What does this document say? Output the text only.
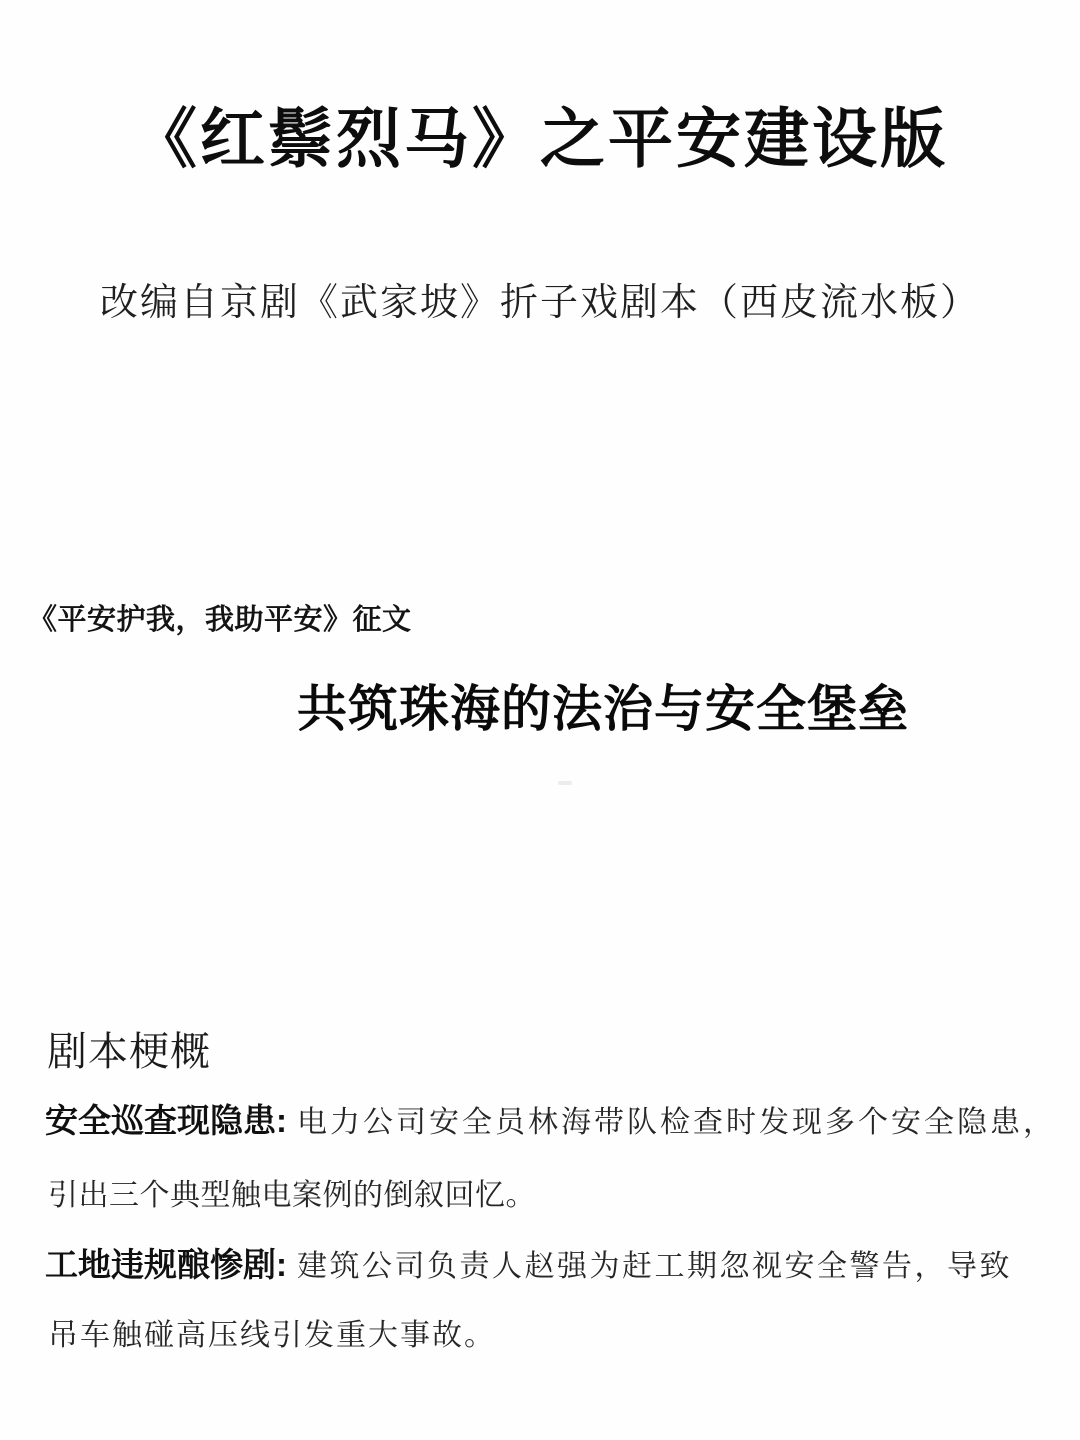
《红鬃烈马》之平安建设版
改编自京剧《武家坡》折子戏剧本（西皮流水板）
《平安护我，我助平安》征文
共筑珠海的法治与安全堡垒
剧本梗概

安全巡查现隐患: 电力公司安全员林海带队检查时发现多个安全隐患，

引出三个典型触电案例的倒叙回忆。

工地违规酿惨剧: 建筑公司负责人赵强为赶工期忽视安全警告，导致

吊车触碰高压线引发重大事故。
